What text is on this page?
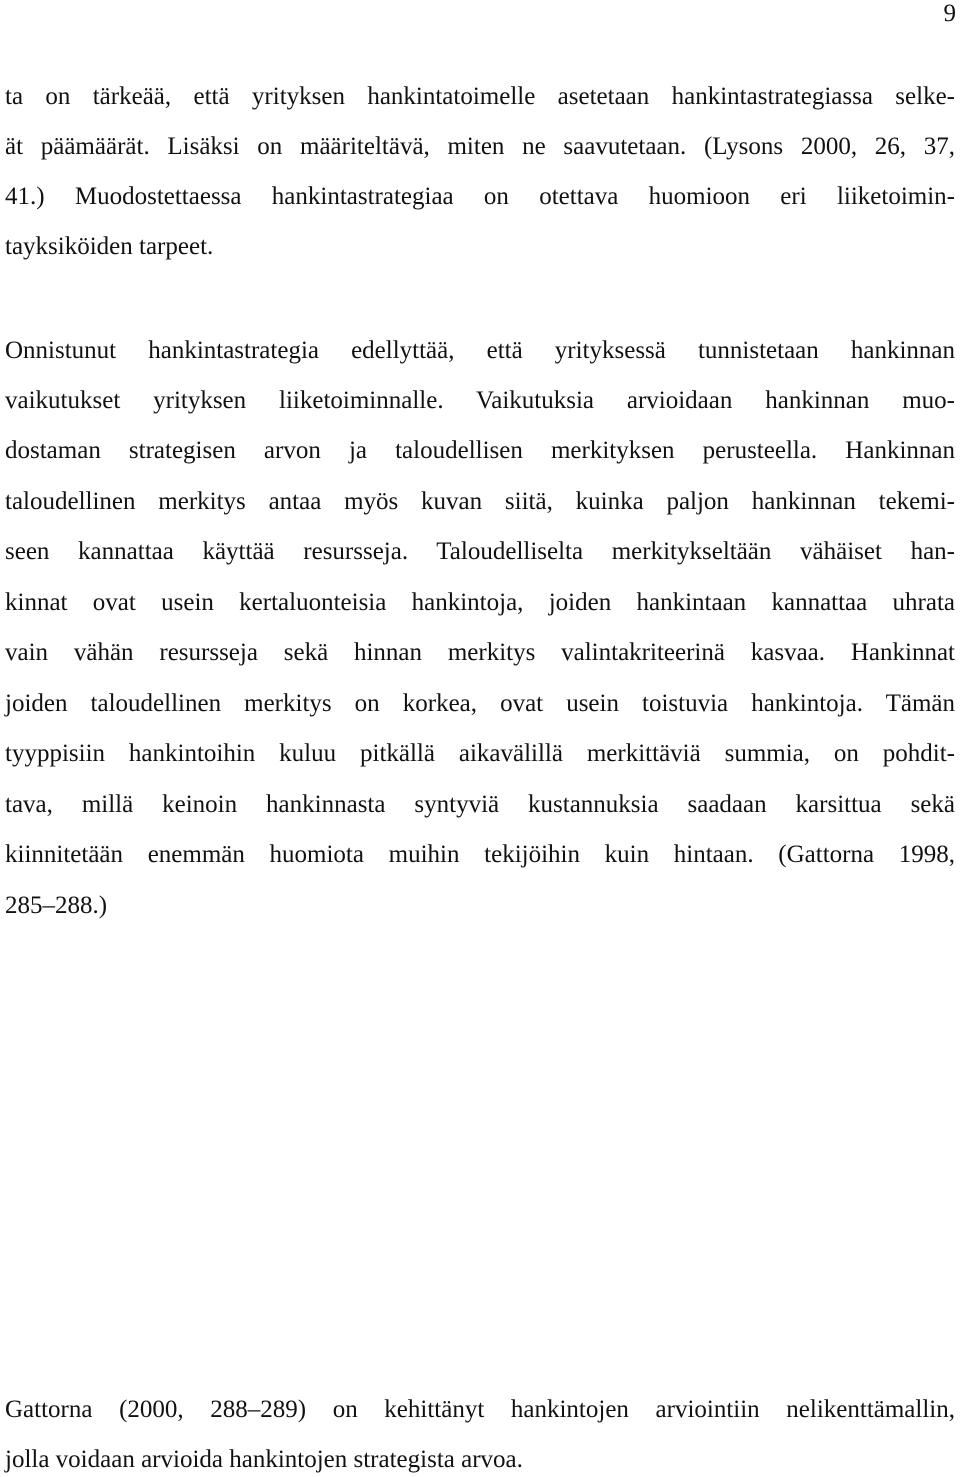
9
ta on tärkeää, että yrityksen hankintatoimelle asetetaan hankintastrategiassa selke-
ät päämäärät. Lisäksi on määriteltävä, miten ne saavutetaan. (Lysons 2000, 26, 37,
41.) Muodostettaessa hankintastrategiaa on otettava huomioon eri liiketoimin-
tayksiköiden tarpeet.
Onnistunut hankintastrategia edellyttää, että yrityksessä tunnistetaan hankinnan
vaikutukset yrityksen liiketoiminnalle. Vaikutuksia arvioidaan hankinnan muo-
dostaman strategisen arvon ja taloudellisen merkityksen perusteella. Hankinnan
taloudellinen merkitys antaa myös kuvan siitä, kuinka paljon hankinnan tekemi-
seen kannattaa käyttää resursseja. Taloudelliselta merkitykseltään vähäiset han-
kinnat ovat usein kertaluonteisia hankintoja, joiden hankintaan kannattaa uhrata
vain vähän resursseja sekä hinnan merkitys valintakriteerinä kasvaa. Hankinnat
joiden taloudellinen merkitys on korkea, ovat usein toistuvia hankintoja. Tämän
tyyppisiin hankintoihin kuluu pitkällä aikavälillä merkittäviä summia, on pohdit-
tava, millä keinoin hankinnasta syntyviä kustannuksia saadaan karsittua sekä
kiinnitetään enemmän huomiota muihin tekijöihin kuin hintaan. (Gattorna 1998,
285–288.)
Gattorna (2000, 288–289) on kehittänyt hankintojen arviointiin nelikenttämallin,
jolla voidaan arvioida hankintojen strategista arvoa.
